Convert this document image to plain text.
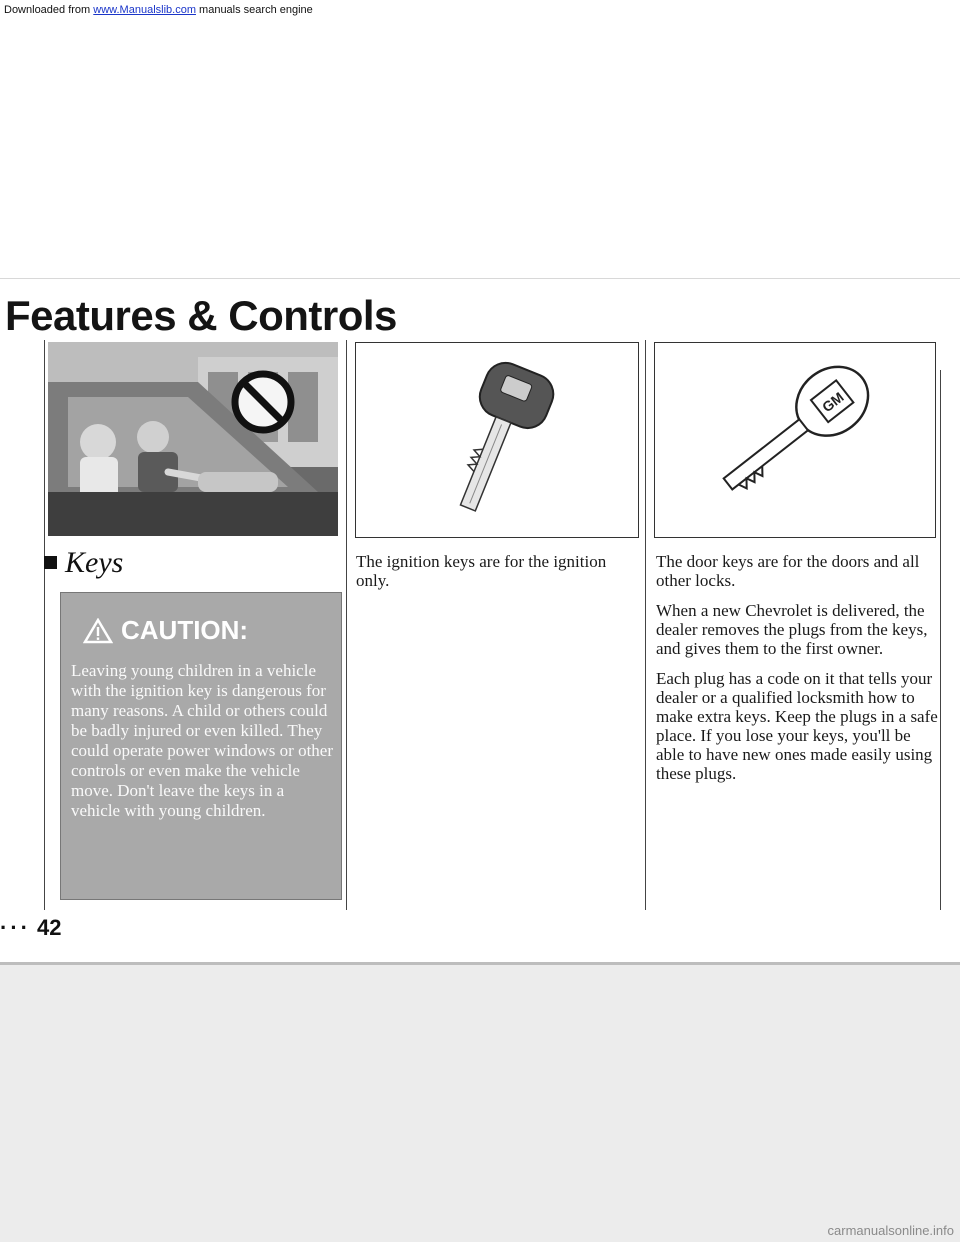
Downloaded from www.Manualslib.com manuals search engine
Features & Controls
Keys
CAUTION:
Leaving young children in a vehicle with the ignition key is dangerous for many reasons. A child or others could be badly injured or even killed. They could operate power windows or other controls or even make the vehicle move. Don't leave the keys in a vehicle with young children.

The ignition keys are for the ignition only.

GM

The door keys are for the doors and all other locks.

When a new Chevrolet is delivered, the dealer removes the plugs from the keys, and gives them to the first owner.

Each plug has a code on it that tells your dealer or a qualified locksmith how to make extra keys. Keep the plugs in a safe place. If you lose your keys, you'll be able to have new ones made easily using these plugs.

··· 42
carmanualsonline.info
